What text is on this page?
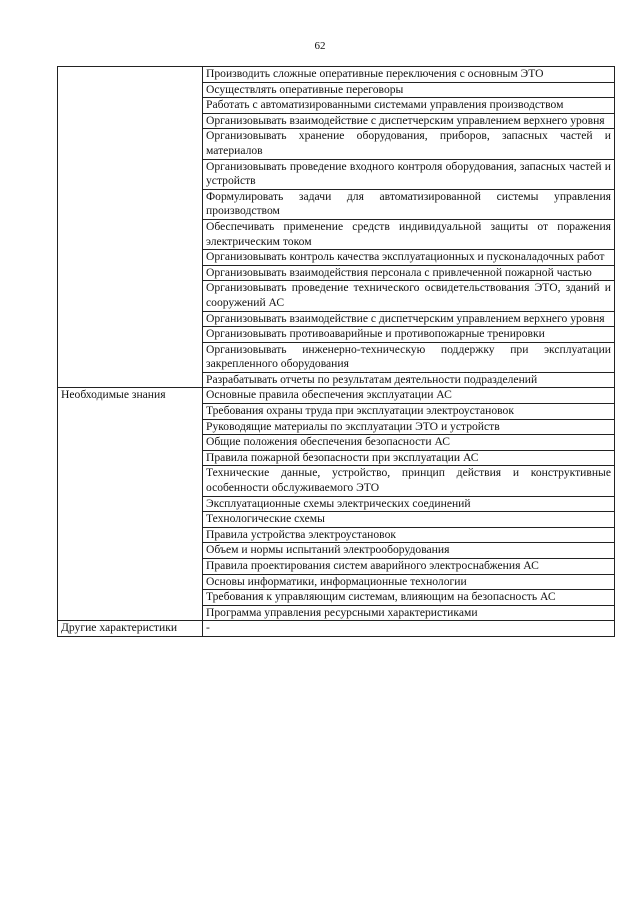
62
	Производить сложные оперативные переключения с основным ЭТО
	Осуществлять оперативные переговоры
	Работать с автоматизированными системами управления производством
	Организовывать взаимодействие с диспетчерским управлением верхнего уровня
	Организовывать хранение оборудования, приборов, запасных частей и материалов
	Организовывать проведение входного контроля оборудования, запасных частей и устройств
	Формулировать задачи для автоматизированной системы управления производством
	Обеспечивать применение средств индивидуальной защиты от поражения электрическим током
	Организовывать контроль качества эксплуатационных и пусконаладочных работ
	Организовывать взаимодействия персонала с привлеченной пожарной частью
	Организовывать проведение технического освидетельствования ЭТО, зданий и сооружений АС
	Организовывать взаимодействие с диспетчерским управлением верхнего уровня
	Организовывать противоаварийные и противопожарные тренировки
	Организовывать инженерно-техническую поддержку при эксплуатации закрепленного оборудования
	Разрабатывать отчеты по результатам деятельности подразделений
Необходимые знания	Основные правила обеспечения эксплуатации АС
	Требования охраны труда при эксплуатации электроустановок
	Руководящие материалы по эксплуатации ЭТО и устройств
	Общие положения обеспечения безопасности АС
	Правила пожарной безопасности при эксплуатации АС
	Технические данные, устройство, принцип действия и конструктивные особенности обслуживаемого ЭТО
	Эксплуатационные схемы электрических соединений
	Технологические схемы
	Правила устройства электроустановок
	Объем и нормы испытаний электрооборудования
	Правила проектирования систем аварийного электроснабжения АС
	Основы информатики, информационные технологии
	Требования к управляющим системам, влияющим на безопасность АС
	Программа управления ресурсными характеристиками
Другие характеристики	-
